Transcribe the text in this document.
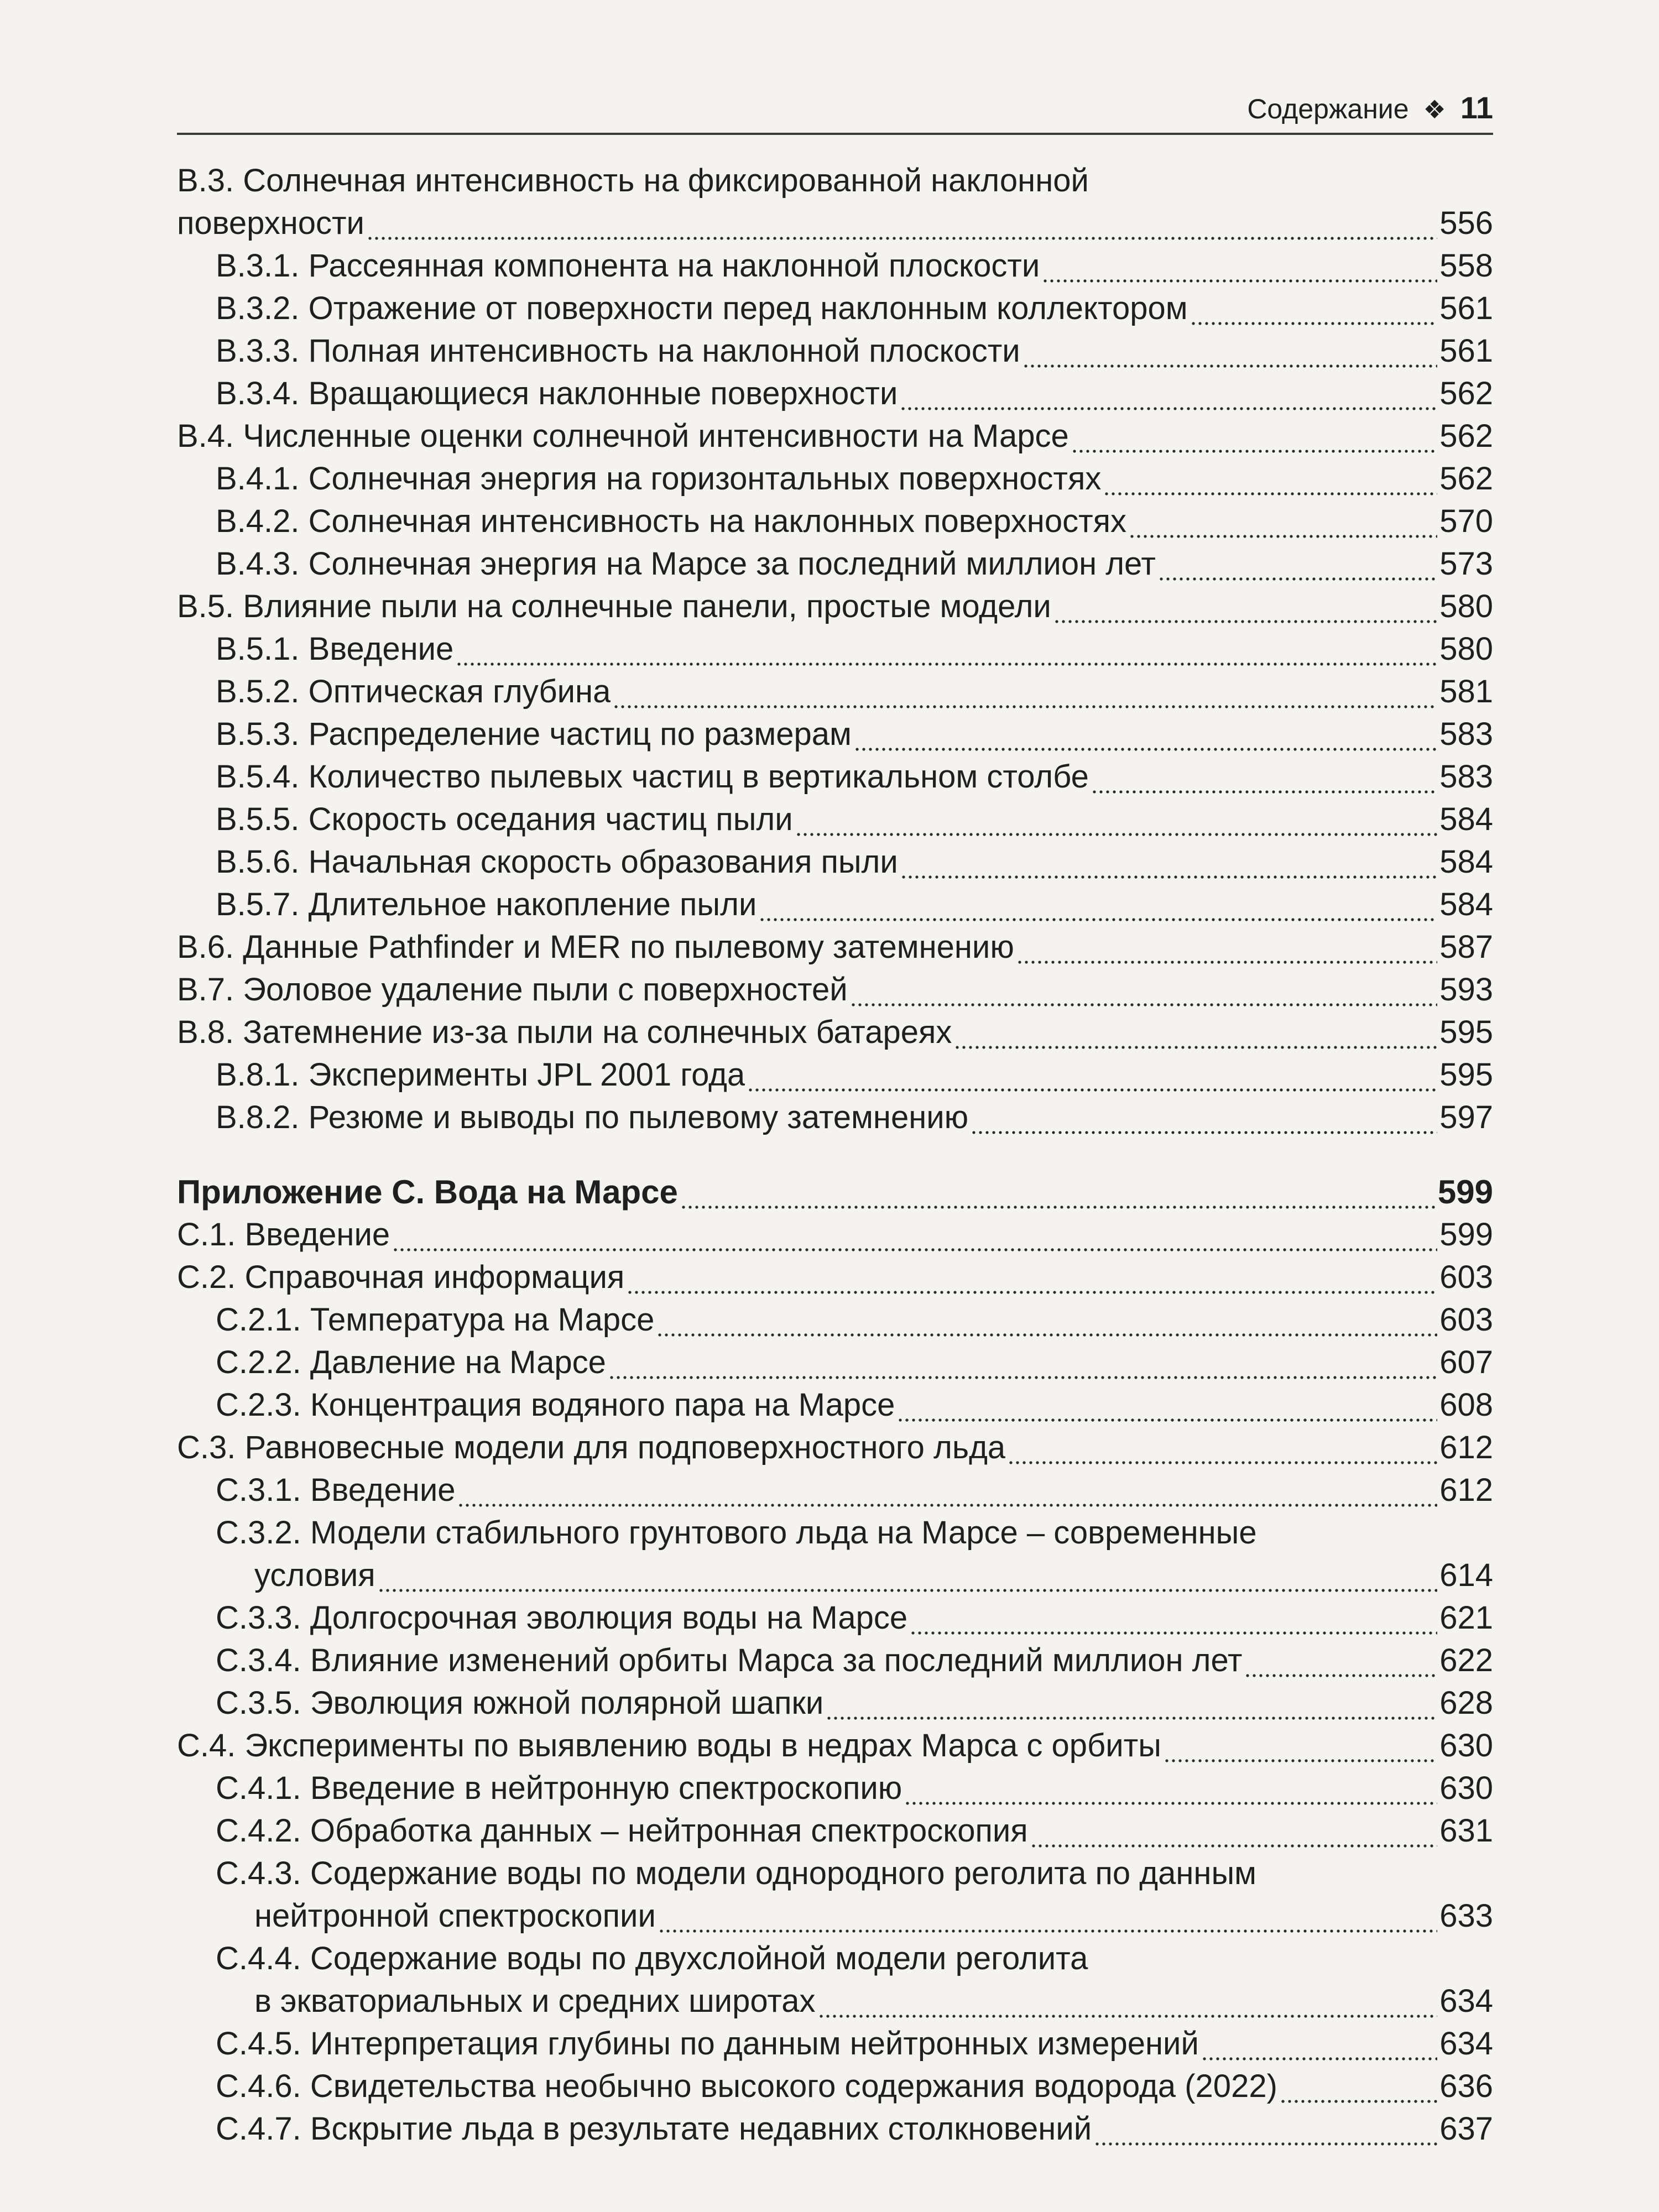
Содержание ❖ 11
B.3. Солнечная интенсивность на фиксированной наклонной
поверхности	556
B.3.1. Рассеянная компонента на наклонной плоскости	558
B.3.2. Отражение от поверхности перед наклонным коллектором	561
B.3.3. Полная интенсивность на наклонной плоскости	561
B.3.4. Вращающиеся наклонные поверхности	562
B.4. Численные оценки солнечной интенсивности на Марсе	562
B.4.1. Солнечная энергия на горизонтальных поверхностях	562
B.4.2. Солнечная интенсивность на наклонных поверхностях	570
B.4.3. Солнечная энергия на Марсе за последний миллион лет	573
B.5. Влияние пыли на солнечные панели, простые модели	580
B.5.1. Введение	580
B.5.2. Оптическая глубина	581
B.5.3. Распределение частиц по размерам	583
B.5.4. Количество пылевых частиц в вертикальном столбе	583
B.5.5. Скорость оседания частиц пыли	584
B.5.6. Начальная скорость образования пыли	584
B.5.7. Длительное накопление пыли	584
B.6. Данные Pathfinder и MER по пылевому затемнению	587
B.7. Эоловое удаление пыли с поверхностей	593
B.8. Затемнение из-за пыли на солнечных батареях	595
B.8.1. Эксперименты JPL 2001 года	595
B.8.2. Резюме и выводы по пылевому затемнению	597
Приложение C. Вода на Марсе	599
C.1. Введение	599
C.2. Справочная информация	603
C.2.1. Температура на Марсе	603
C.2.2. Давление на Марсе	607
C.2.3. Концентрация водяного пара на Марсе	608
C.3. Равновесные модели для подповерхностного льда	612
C.3.1. Введение	612
C.3.2. Модели стабильного грунтового льда на Марсе – современные
условия	614
C.3.3. Долгосрочная эволюция воды на Марсе	621
C.3.4. Влияние изменений орбиты Марса за последний миллион лет	622
C.3.5. Эволюция южной полярной шапки	628
C.4. Эксперименты по выявлению воды в недрах Марса с орбиты	630
C.4.1. Введение в нейтронную спектроскопию	630
C.4.2. Обработка данных – нейтронная спектроскопия	631
C.4.3. Содержание воды по модели однородного реголита по данным
нейтронной спектроскопии	633
C.4.4. Содержание воды по двухслойной модели реголита
в экваториальных и средних широтах	634
C.4.5. Интерпретация глубины по данным нейтронных измерений	634
C.4.6. Свидетельства необычно высокого содержания водорода (2022)	636
C.4.7. Вскрытие льда в результате недавних столкновений	637
